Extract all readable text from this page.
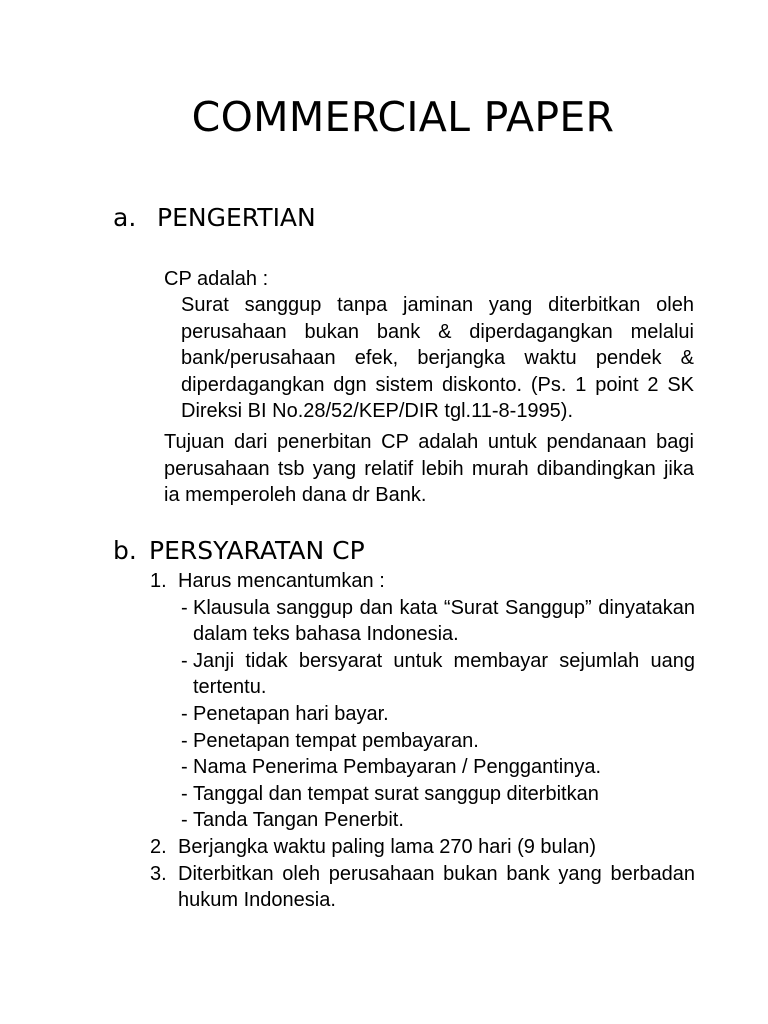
COMMERCIAL PAPER
a. PENGERTIAN

CP adalah :

Surat sanggup tanpa jaminan yang diterbitkan oleh perusahaan bukan bank & diperdagangkan melalui bank/perusahaan efek, berjangka waktu pendek & diperdagangkan dgn sistem diskonto. (Ps. 1 point 2 SK Direksi BI No.28/52/KEP/DIR tgl.11-8-1995).

Tujuan dari penerbitan CP adalah untuk pendanaan bagi perusahaan tsb yang relatif lebih murah dibandingkan jika ia memperoleh dana dr Bank.

b. PERSYARATAN CP
1. Harus mencantumkan :
- Klausula sanggup dan kata “Surat Sanggup” dinyatakan dalam teks bahasa Indonesia.
- Janji tidak bersyarat untuk membayar sejumlah uang tertentu.
- Penetapan hari bayar.
- Penetapan tempat pembayaran.
- Nama Penerima Pembayaran / Penggantinya.
- Tanggal dan tempat surat sanggup diterbitkan
- Tanda Tangan Penerbit.
2. Berjangka waktu paling lama 270 hari (9 bulan)
3. Diterbitkan oleh perusahaan bukan bank yang berbadan hukum Indonesia.
